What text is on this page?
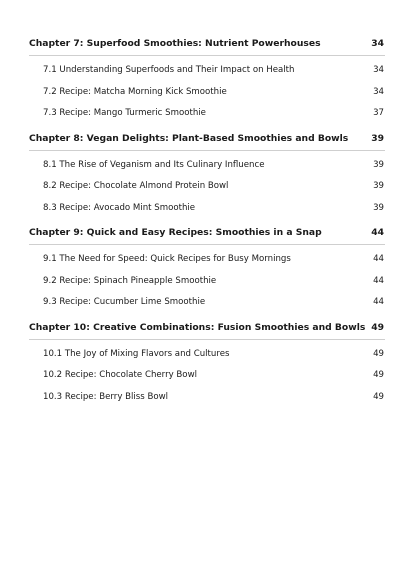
Chapter 7: Superfood Smoothies: Nutrient Powerhouses	34
7.1 Understanding Superfoods and Their Impact on Health	34
7.2 Recipe: Matcha Morning Kick Smoothie	34
7.3 Recipe: Mango Turmeric Smoothie	37
Chapter 8: Vegan Delights: Plant-Based Smoothies and Bowls 39
8.1 The Rise of Veganism and Its Culinary Influence	39
8.2 Recipe: Chocolate Almond Protein Bowl	39
8.3 Recipe: Avocado Mint Smoothie	39
Chapter 9: Quick and Easy Recipes: Smoothies in a Snap	44
9.1 The Need for Speed: Quick Recipes for Busy Mornings	44
9.2 Recipe: Spinach Pineapple Smoothie	44
9.3 Recipe: Cucumber Lime Smoothie	44
Chapter 10: Creative Combinations: Fusion Smoothies and Bowls 49
10.1 The Joy of Mixing Flavors and Cultures	49
10.2 Recipe: Chocolate Cherry Bowl	49
10.3 Recipe: Berry Bliss Bowl	49
